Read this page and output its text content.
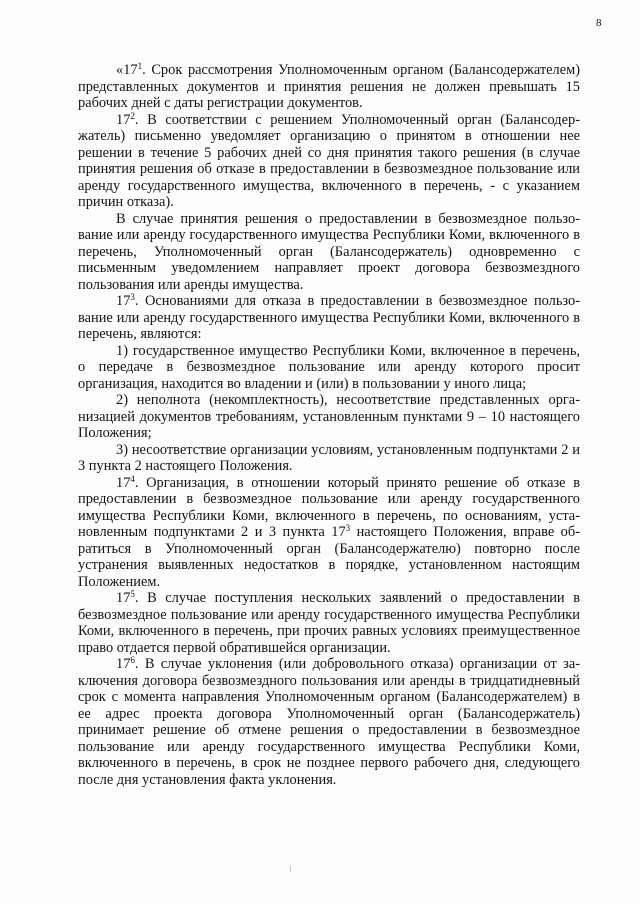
8

«$17^1$. Срок рассмотрения Уполномоченным органом (Балансодержателем) представленных документов и принятия решения не должен превышать 15 рабочих дней с даты регистрации документов.

$17^2$. В соответствии с решением Уполномоченный орган (Балансодержатель) письменно уведомляет организацию о принятом в отношении нее решении в течение 5 рабочих дней со дня принятия такого решения (в случае принятия решения об отказе в предоставлении в безвозмездное пользование или аренду государственного имущества, включенного в перечень, - с указанием причин отказа).

В случае принятия решения о предоставлении в безвозмездное пользование или аренду государственного имущества Республики Коми, включенного в перечень, Уполномоченный орган (Балансодержатель) одновременно с письменным уведомлением направляет проект договора безвозмездного пользования или аренды имущества.

$17^3$. Основаниями для отказа в предоставлении в безвозмездное пользование или аренду государственного имущества Республики Коми, включенного в перечень, являются:

1) государственное имущество Республики Коми, включенное в перечень, о передаче в безвозмездное пользование или аренду которого просит организация, находится во владении и (или) в пользовании у иного лица;

2) неполнота (некомплектность), несоответствие представленных организацией документов требованиям, установленным пунктами 9 – 10 настоящего Положения;

3) несоответствие организации условиям, установленным подпунктами 2 и 3 пункта 2 настоящего Положения.

$17^4$. Организация, в отношении который принято решение об отказе в предоставлении в безвозмездное пользование или аренду государственного имущества Республики Коми, включенного в перечень, по основаниям, установленным подпунктами 2 и 3 пункта $17^3$ настоящего Положения, вправе обратиться в Уполномоченный орган (Балансодержателю) повторно после устранения выявленных недостатков в порядке, установленном настоящим Положением.

$17^5$. В случае поступления нескольких заявлений о предоставлении в безвозмездное пользование или аренду государственного имущества Республики Коми, включенного в перечень, при прочих равных условиях преимущественное право отдается первой обратившейся организации.

$17^6$. В случае уклонения (или добровольного отказа) организации от заключения договора безвозмездного пользования или аренды в тридцатидневный срок с момента направления Уполномоченным органом (Балансодержателем) в ее адрес проекта договора Уполномоченный орган (Балансодержатель) принимает решение об отмене решения о предоставлении в безвозмездное пользование или аренду государственного имущества Республики Коми, включенного в перечень, в срок не позднее первого рабочего дня, следующего после дня установления факта уклонения.
